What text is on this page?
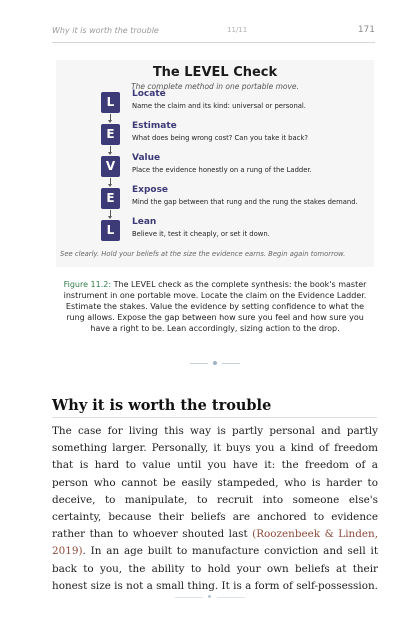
Why it is worth the trouble	11/11	171
The LEVEL Check
The complete method in one portable move.
L
Locate
Name the claim and its kind: universal or personal.
E
Estimate
What does being wrong cost? Can you take it back?
V
Value
Place the evidence honestly on a rung of the Ladder.
E
Expose
Mind the gap between that rung and the rung the stakes demand.
L
Lean
Believe it, test it cheaply, or set it down.
See clearly. Hold your beliefs at the size the evidence earns. Begin again tomorrow.
Figure 11.2: The LEVEL check as the complete synthesis: the book's master instrument in one portable move. Locate the claim on the Evidence Ladder. Estimate the stakes. Value the evidence by setting confidence to what the rung allows. Expose the gap between how sure you feel and how sure you have a right to be. Lean accordingly, sizing action to the drop.
Why it is worth the trouble
The case for living this way is partly personal and partly something larger. Personally, it buys you a kind of freedom that is hard to value until you have it: the freedom of a person who cannot be easily stampeded, who is harder to deceive, to manipulate, to recruit into someone else's certainty, because their beliefs are anchored to evidence rather than to whoever shouted last (Roozenbeek & Linden, 2019). In an age built to manufacture conviction and sell it back to you, the ability to hold your own beliefs at their honest size is not a small thing. It is a form of self-possession.
